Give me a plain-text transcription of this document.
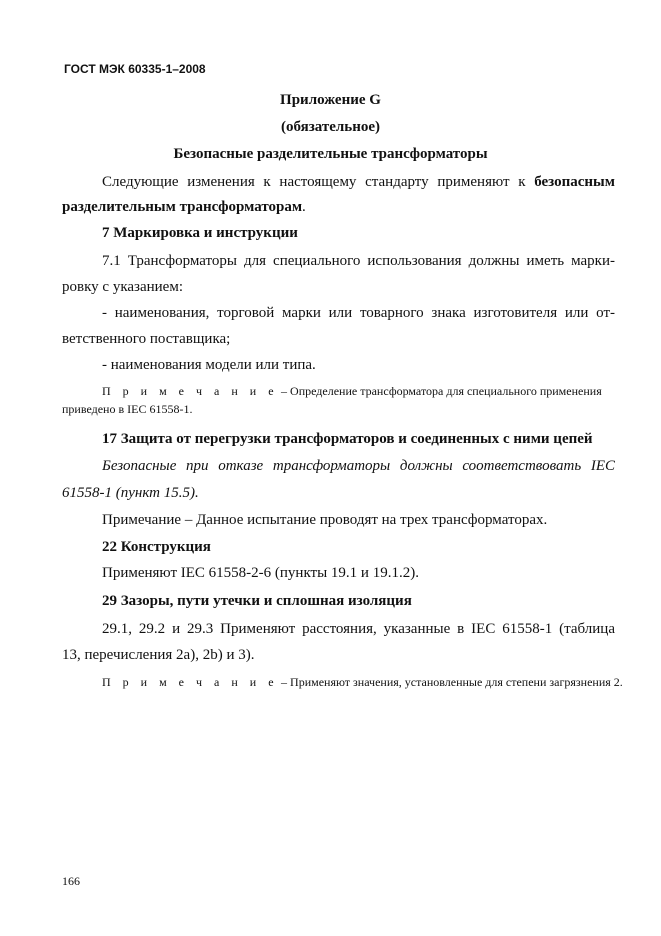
ГОСТ МЭК 60335-1–2008
Приложение G
(обязательное)
Безопасные разделительные трансформаторы
Следующие изменения к настоящему стандарту применяют к безопасным
разделительным трансформаторам.
7 Маркировка и инструкции
7.1 Трансформаторы для специального использования должны иметь марки-
ровку с указанием:
- наименования, торговой марки или товарного знака изготовителя или от-
ветственного поставщика;
- наименования модели или типа.
П р и м е ч а н и е – Определение трансформатора для специального применения
приведено в IEC 61558-1.
17 Защита от перегрузки трансформаторов и соединенных с ними цепей
Безопасные при отказе трансформаторы должны соответствовать IEC
61558-1 (пункт 15.5).
Примечание – Данное испытание проводят на трех трансформаторах.
22 Конструкция
Применяют IEC 61558-2-6 (пункты 19.1 и 19.1.2).
29 Зазоры, пути утечки и сплошная изоляция
29.1, 29.2 и 29.3 Применяют расстояния, указанные в IEC 61558-1 (таблица
13, перечисления 2a), 2b) и 3).
П р и м е ч а н и е – Применяют значения, установленные для степени загрязнения 2.
166
